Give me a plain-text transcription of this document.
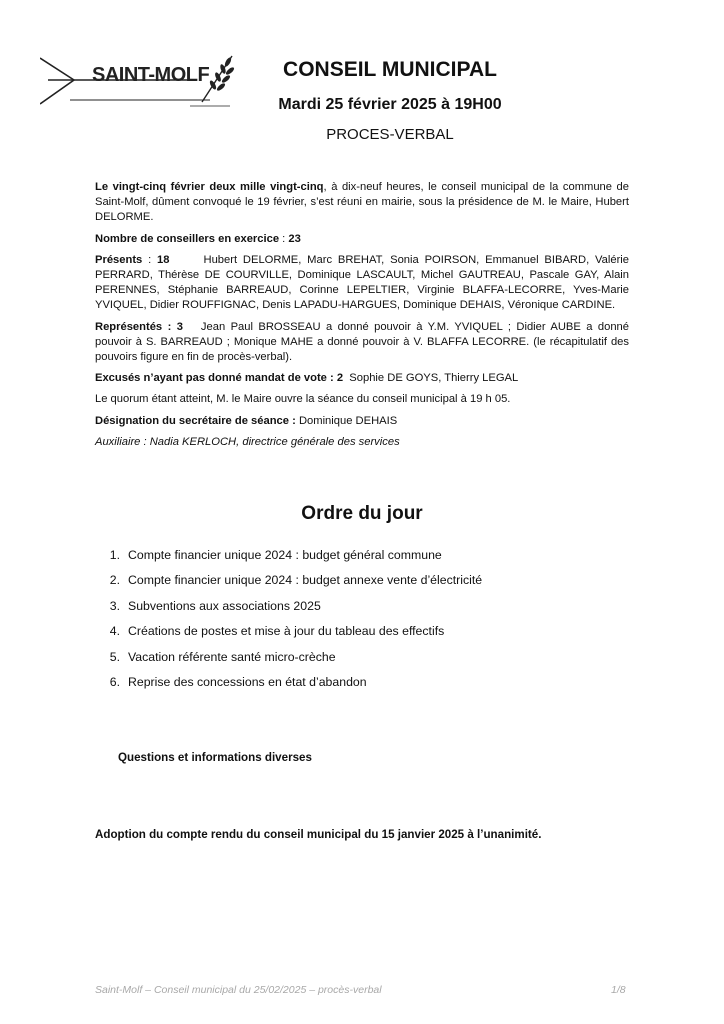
SAINT-MOLF	CONSEIL MUNICIPAL
Mardi 25 février 2025 à 19H00
PROCES-VERBAL

Le vingt-cinq février deux mille vingt-cinq, à dix-neuf heures, le conseil municipal de la commune de Saint-Molf, dûment convoqué le 19 février, s’est réuni en mairie, sous la présidence de M. le Maire, Hubert DELORME.

Nombre de conseillers en exercice : 23

Présents : 18	Hubert DELORME, Marc BREHAT, Sonia POIRSON, Emmanuel BIBARD, Valérie PERRARD, Thérèse DE COURVILLE, Dominique LASCAULT, Michel GAUTREAU, Pascale GAY, Alain PERENNES, Stéphanie BARREAUD, Corinne LEPELTIER, Virginie BLAFFA-LECORRE, Yves-Marie YVIQUEL, Didier ROUFFIGNAC, Denis LAPADU-HARGUES, Dominique DEHAIS, Véronique CARDINE.

Représentés : 3 Jean Paul BROSSEAU a donné pouvoir à Y.M. YVIQUEL ; Didier AUBE a donné pouvoir à S. BARREAUD ; Monique MAHE a donné pouvoir à V. BLAFFA LECORRE. (le récapitulatif des pouvoirs figure en fin de procès-verbal).

Excusés n’ayant pas donné mandat de vote : 2 Sophie DE GOYS, Thierry LEGAL

Le quorum étant atteint, M. le Maire ouvre la séance du conseil municipal à 19 h 05.

Désignation du secrétaire de séance : Dominique DEHAIS

Auxiliaire : Nadia KERLOCH, directrice générale des services

Ordre du jour
1. Compte financier unique 2024 : budget général commune
2. Compte financier unique 2024 : budget annexe vente d’électricité
3. Subventions aux associations 2025
4. Créations de postes et mise à jour du tableau des effectifs
5. Vacation référente santé micro-crèche
6. Reprise des concessions en état d’abandon
Questions et informations diverses
Adoption du compte rendu du conseil municipal du 15 janvier 2025 à l’unanimité.
Saint-Molf – Conseil municipal du 25/02/2025 – procès-verbal	1/8
